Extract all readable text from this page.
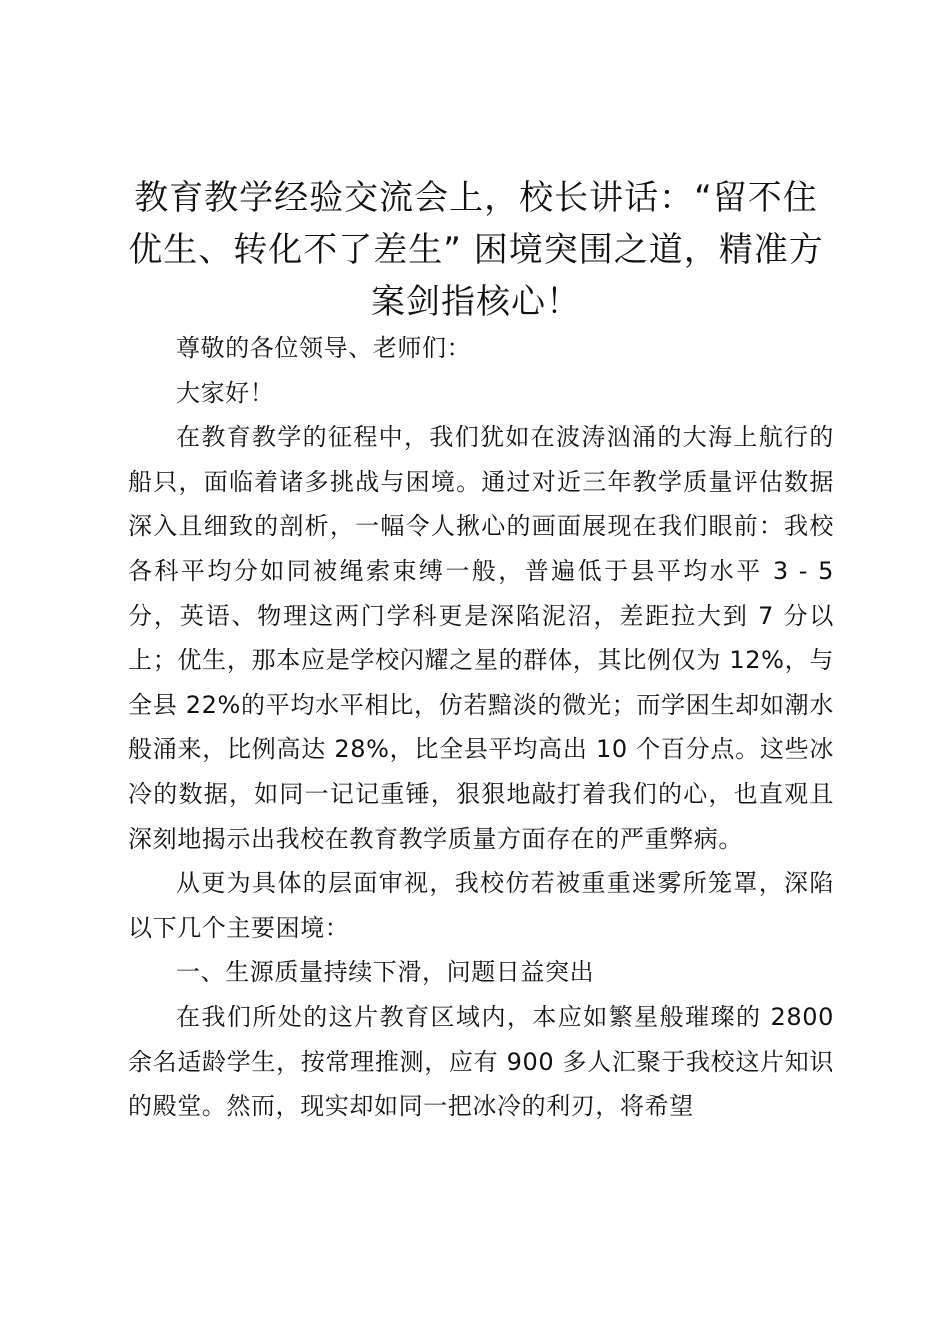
教育教学经验交流会上，校长讲话：“留不住优生、转化不了差生” 困境突围之道，精准方案剑指核心！

尊敬的各位领导、老师们：

大家好！

在教育教学的征程中，我们犹如在波涛汹涌的大海上航行的船只，面临着诸多挑战与困境。通过对近三年教学质量评估数据深入且细致的剖析，一幅令人揪心的画面展现在我们眼前：我校各科平均分如同被绳索束缚一般，普遍低于县平均水平 3 - 5 分，英语、物理这两门学科更是深陷泥沼，差距拉大到 7 分以上；优生，那本应是学校闪耀之星的群体，其比例仅为 12%，与全县 22%的平均水平相比，仿若黯淡的微光；而学困生却如潮水般涌来，比例高达 28%，比全县平均高出 10 个百分点。这些冰冷的数据，如同一记记重锤，狠狠地敲打着我们的心，也直观且深刻地揭示出我校在教育教学质量方面存在的严重弊病。

从更为具体的层面审视，我校仿若被重重迷雾所笼罩，深陷以下几个主要困境：

一、生源质量持续下滑，问题日益突出

在我们所处的这片教育区域内，本应如繁星般璀璨的 2800 余名适龄学生，按常理推测，应有 900 多人汇聚于我校这片知识的殿堂。然而，现实却如同一把冰冷的利刃，将希望
